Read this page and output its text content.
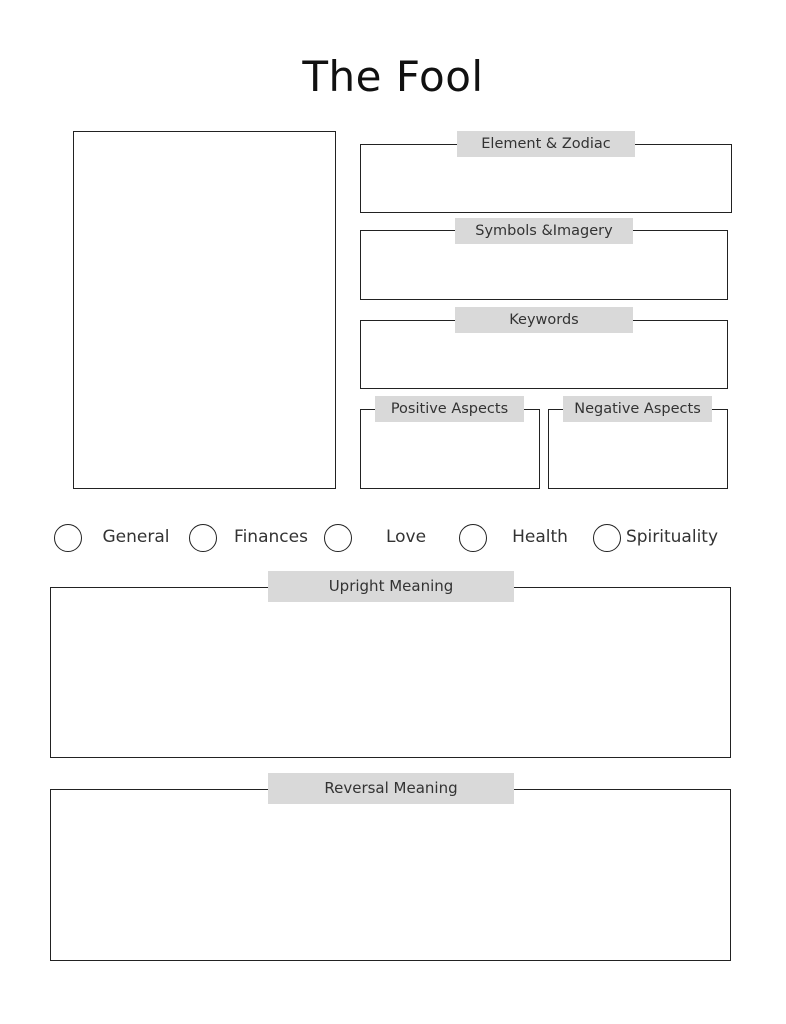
The Fool
Element & Zodiac
Symbols &Imagery
Keywords
Positive Aspects	Negative Aspects
General	Finances	Love	Health	Spirituality
Upright Meaning
Reversal Meaning
